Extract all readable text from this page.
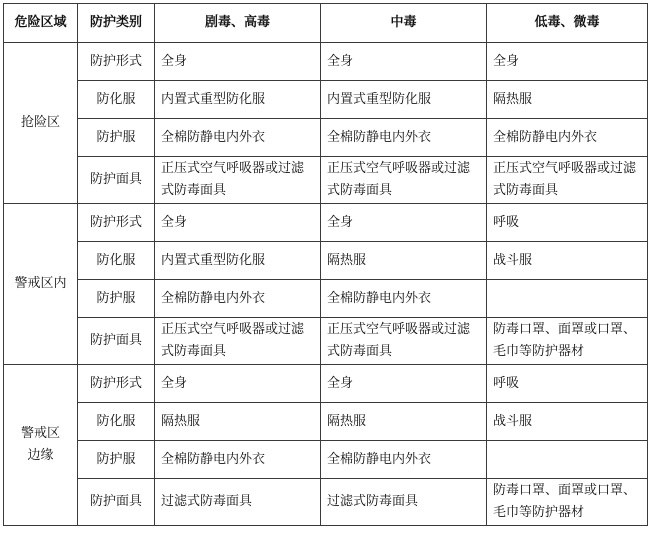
危险区域	防护类别	剧毒、高毒	中毒	低毒、微毒

抢险区	防护形式	全身	全身	全身
	防化服	内置式重型防化服	内置式重型防化服	隔热服
	防护服	全棉防静电内外衣	全棉防静电内外衣	全棉防静电内外衣
	防护面具	正压式空气呼吸器或过滤式防毒面具	正压式空气呼吸器或过滤式防毒面具	正压式空气呼吸器或过滤式防毒面具

警戒区内	防护形式	全身	全身	呼吸
	防化服	内置式重型防化服	隔热服	战斗服
	防护服	全棉防静电内外衣	全棉防静电内外衣	
	防护面具	正压式空气呼吸器或过滤式防毒面具	正压式空气呼吸器或过滤式防毒面具	防毒口罩、面罩或口罩、毛巾等防护器材

警戒区边缘	防护形式	全身	全身	呼吸
	防化服	隔热服	隔热服	战斗服
	防护服	全棉防静电内外衣	全棉防静电内外衣	
	防护面具	过滤式防毒面具	过滤式防毒面具	防毒口罩、面罩或口罩、毛巾等防护器材
